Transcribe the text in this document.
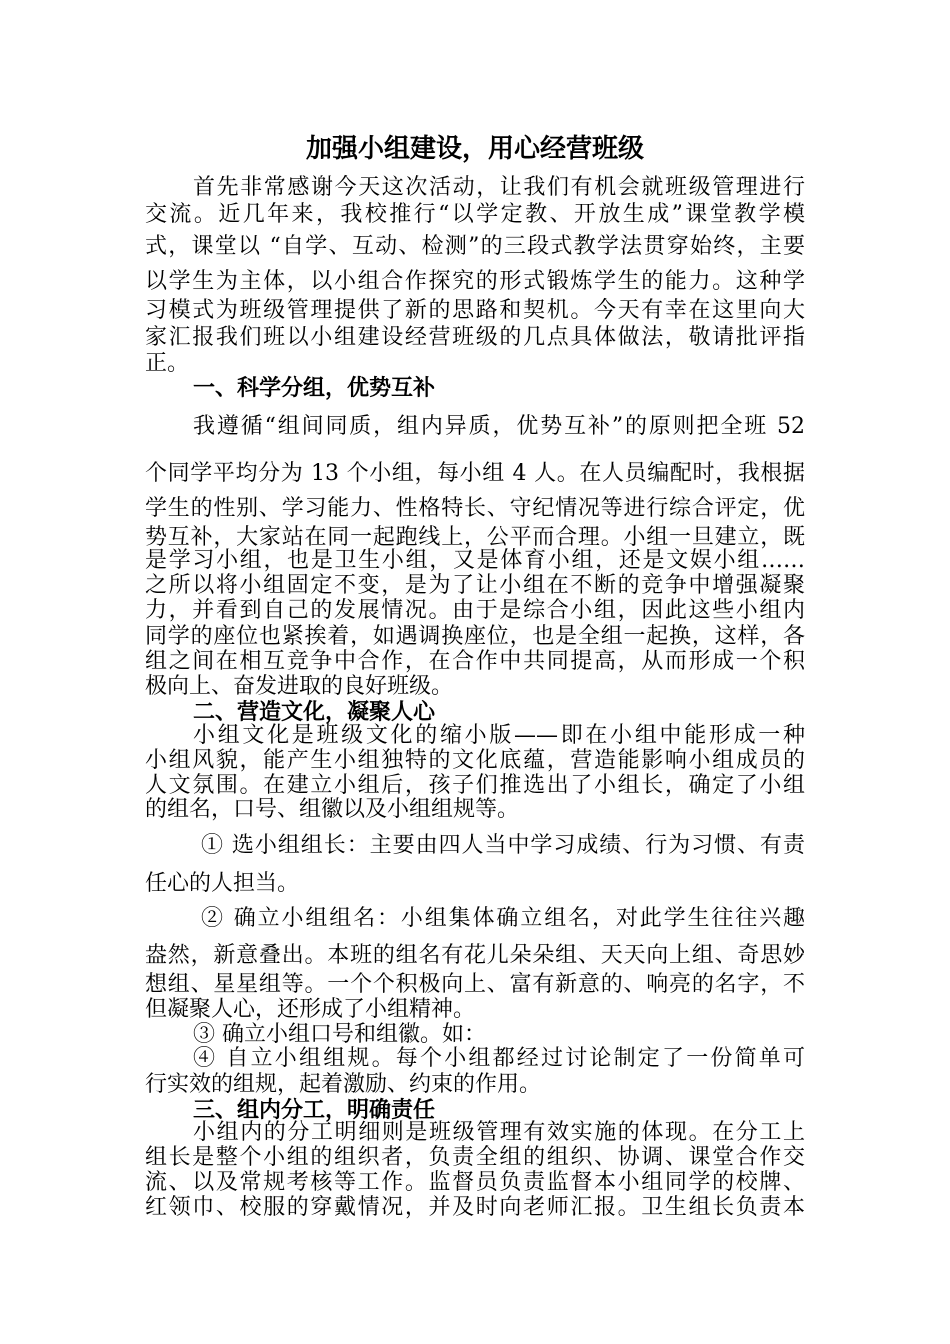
加强小组建设，用心经营班级
首先非常感谢今天这次活动，让我们有机会就班级管理进行
交流。近几年来，我校推行“以学定教、开放生成”课堂教学模
式，课堂以 “自学、互动、检测”的三段式教学法贯穿始终，主要
以学生为主体，以小组合作探究的形式锻炼学生的能力。这种学
习模式为班级管理提供了新的思路和契机。今天有幸在这里向大
家汇报我们班以小组建设经营班级的几点具体做法，敬请批评指
正。
一、科学分组，优势互补
我遵循“组间同质，组内异质，优势互补”的原则把全班 52
个同学平均分为 13 个小组，每小组 4 人。在人员编配时，我根据
学生的性别、学习能力、性格特长、守纪情况等进行综合评定，优
势互补，大家站在同一起跑线上，公平而合理。小组一旦建立，既
是学习小组，也是卫生小组，又是体育小组，还是文娱小组……
之所以将小组固定不变，是为了让小组在不断的竞争中增强凝聚
力，并看到自己的发展情况。由于是综合小组，因此这些小组内
同学的座位也紧挨着，如遇调换座位，也是全组一起换，这样，各
组之间在相互竞争中合作，在合作中共同提高，从而形成一个积
极向上、奋发进取的良好班级。
二、营造文化，凝聚人心
小组文化是班级文化的缩小版——即在小组中能形成一种
小组风貌，能产生小组独特的文化底蕴，营造能影响小组成员的
人文氛围。在建立小组后，孩子们推选出了小组长，确定了小组
的组名，口号、组徽以及小组组规等。
① 选小组组长：主要由四人当中学习成绩、行为习惯、有责
任心的人担当。
② 确立小组组名：小组集体确立组名，对此学生往往兴趣
盎然，新意叠出。本班的组名有花儿朵朵组、天天向上组、奇思妙
想组、星星组等。一个个积极向上、富有新意的、响亮的名字，不
但凝聚人心，还形成了小组精神。
③ 确立小组口号和组徽。如：
④ 自立小组组规。每个小组都经过讨论制定了一份简单可
行实效的组规，起着激励、约束的作用。
三、组内分工，明确责任
小组内的分工明细则是班级管理有效实施的体现。在分工上
组长是整个小组的组织者，负责全组的组织、协调、课堂合作交
流、以及常规考核等工作。监督员负责监督本小组同学的校牌、
红领巾、校服的穿戴情况，并及时向老师汇报。卫生组长负责本
